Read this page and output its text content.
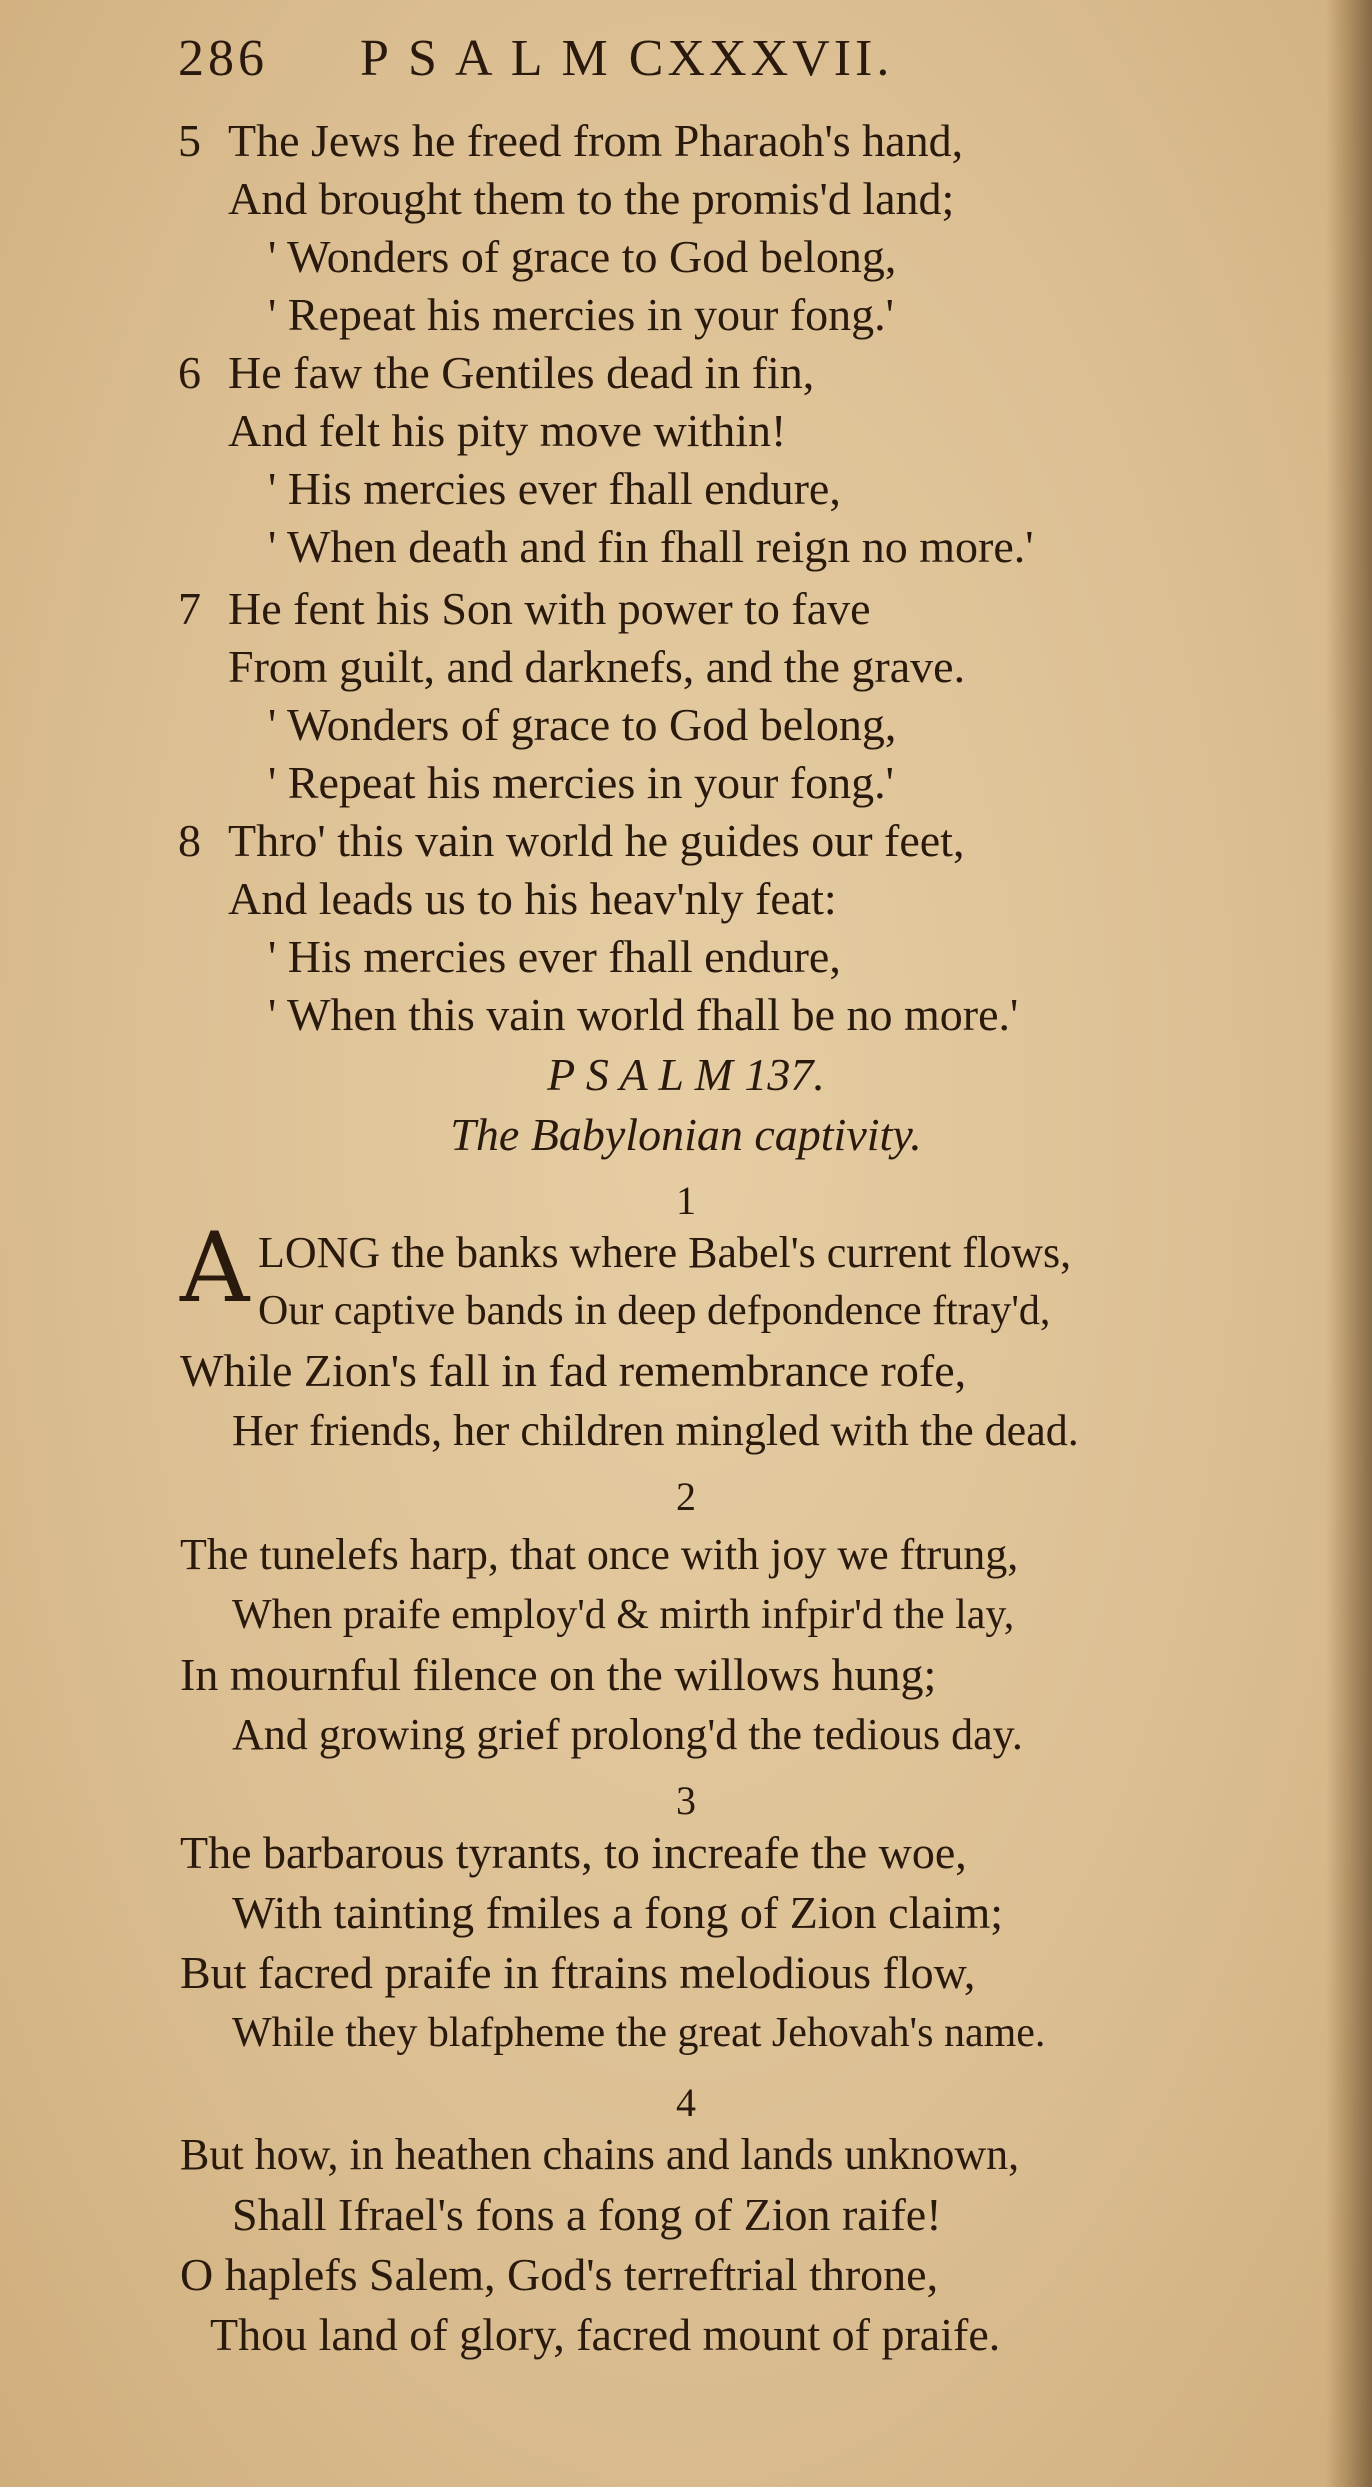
286 P S A L M CXXXVII.
5 The Jews he freed from Pharaoh's hand,
And brought them to the promis'd land;
' Wonders of grace to God belong,
' Repeat his mercies in your fong.'
6 He faw the Gentiles dead in fin,
And felt his pity move within!
' His mercies ever fhall endure,
' When death and fin fhall reign no more.'
7 He fent his Son with power to fave
From guilt, and darknefs, and the grave.
' Wonders of grace to God belong,
' Repeat his mercies in your fong.'
8 Thro' this vain world he guides our feet,
And leads us to his heav'nly feat:
' His mercies ever fhall endure,
' When this vain world fhall be no more.'
P S A L M 137.
The Babylonian captivity.
1
A LONG the banks where Babel's current flows,
Our captive bands in deep defpondence ftray'd,
While Zion's fall in fad remembrance rofe,
Her friends, her children mingled with the dead.
2
The tunelefs harp, that once with joy we ftrung,
When praife employ'd & mirth infpir'd the lay,
In mournful filence on the willows hung;
And growing grief prolong'd the tedious day.
3
The barbarous tyrants, to increafe the woe,
With tainting fmiles a fong of Zion claim;
But facred praife in ftrains melodious flow,
While they blafpheme the great Jehovah's name.
4
But how, in heathen chains and lands unknown,
Shall Ifrael's fons a fong of Zion raife!
O haplefs Salem, God's terreftrial throne,
Thou land of glory, facred mount of praife.
